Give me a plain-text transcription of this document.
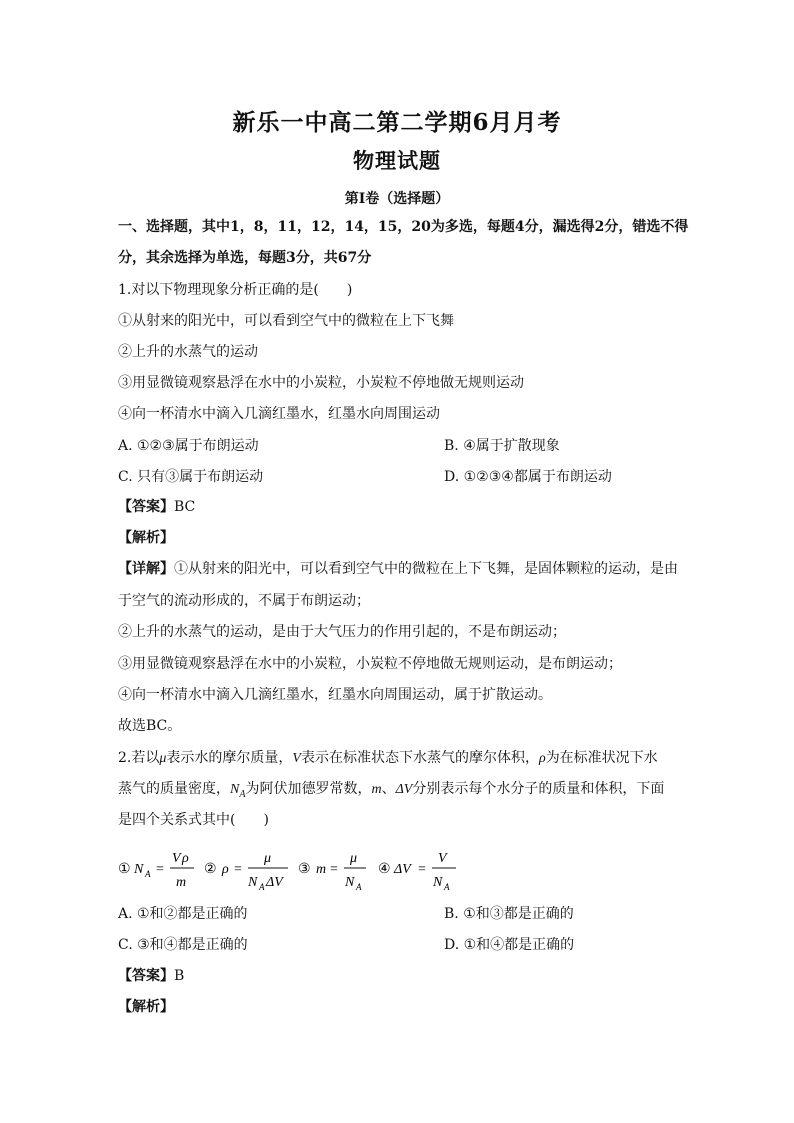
新乐一中高二第二学期6月月考
物理试题
第I卷（选择题）
一、选择题，其中1，8，11，12，14，15，20为多选，每题4分，漏选得2分，错选不得
分，其余选择为单选，每题3分，共67分
1.对以下物理现象分析正确的是(　　)
①从射来的阳光中，可以看到空气中的微粒在上下飞舞
②上升的水蒸气的运动
③用显微镜观察悬浮在水中的小炭粒，小炭粒不停地做无规则运动
④向一杯清水中滴入几滴红墨水，红墨水向周围运动
A. ①②③属于布朗运动	B. ④属于扩散现象
C. 只有③属于布朗运动	D. ①②③④都属于布朗运动
【答案】BC
【解析】
【详解】①从射来的阳光中，可以看到空气中的微粒在上下飞舞，是固体颗粒的运动，是由
于空气的流动形成的，不属于布朗运动；
②上升的水蒸气的运动，是由于大气压力的作用引起的，不是布朗运动；
③用显微镜观察悬浮在水中的小炭粒，小炭粒不停地做无规则运动，是布朗运动；
④向一杯清水中滴入几滴红墨水，红墨水向周围运动，属于扩散运动。
故选BC。
2.若以μ表示水的摩尔质量，V表示在标准状态下水蒸气的摩尔体积，ρ为在标准状况下水
蒸气的质量密度，$N_A$为阿伏加德罗常数，m、ΔV分别表示每个水分子的质量和体积，下面
是四个关系式其中(　　)
① N A =
V ρ
m
② ρ =
μ
N A ΔV
③ m =
μ
N A
④ ΔV =
V
N A
A. ①和②都是正确的	B. ①和③都是正确的
C. ③和④都是正确的	D. ①和④都是正确的
【答案】B
【解析】
